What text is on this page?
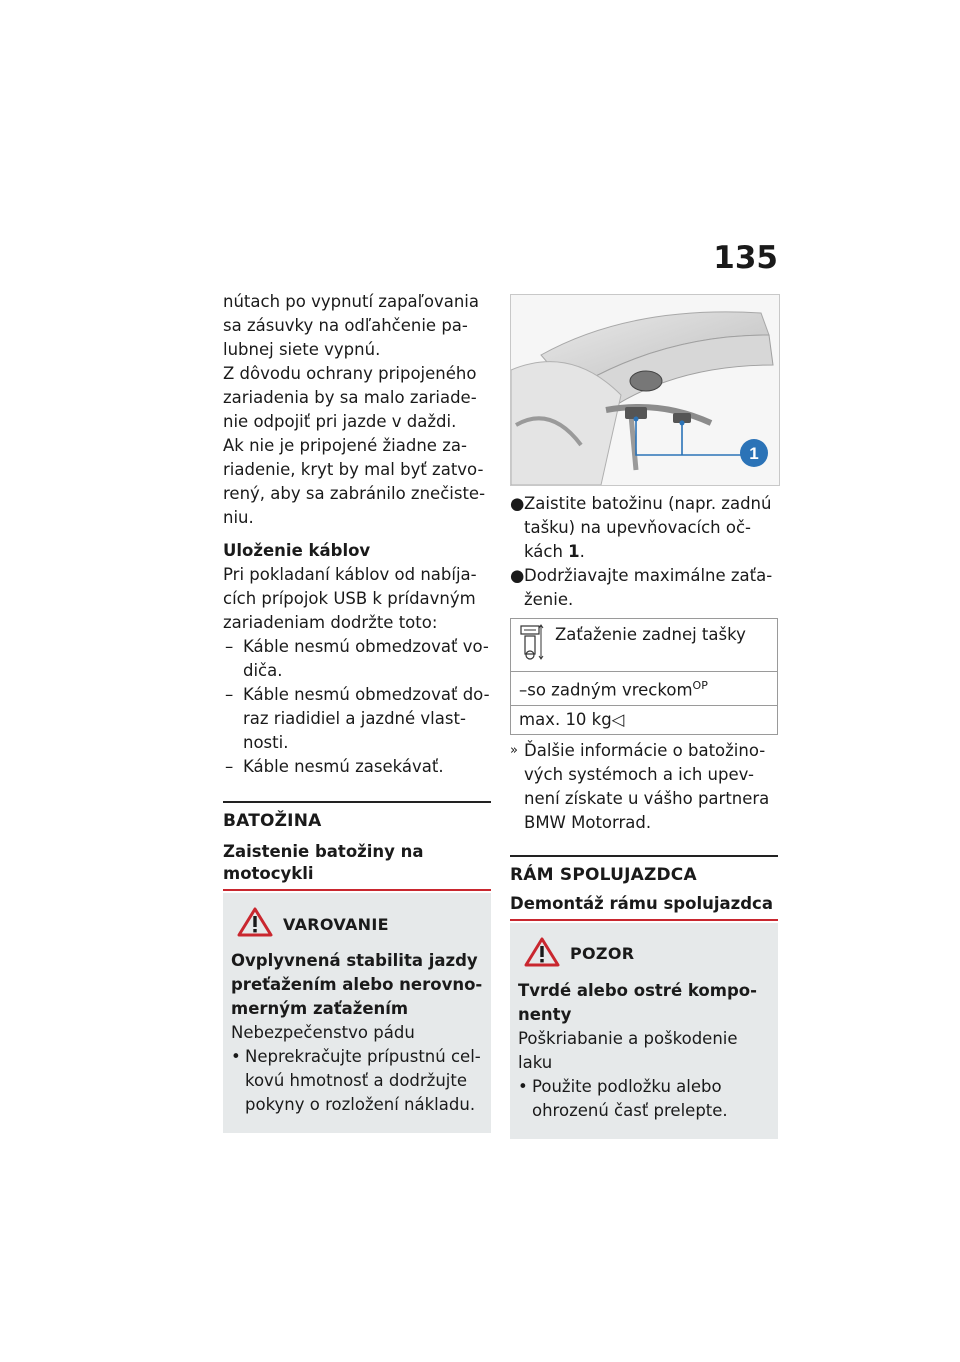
135
nútach po vypnutí zapaľovania
sa zásuvky na odľahčenie pa-
lubnej siete vypnú.
Z dôvodu ochrany pripojeného
zariadenia by sa malo zariade-
nie odpojiť pri jazde v daždi.
Ak nie je pripojené žiadne za-
riadenie, kryt by mal byť zatvo-
rený, aby sa zabránilo znečiste-
niu.
Uloženie káblov
Pri pokladaní káblov od nabíja-
cích prípojok USB k prídavným
zariadeniam dodržte toto:
– Káble nesmú obmedzovať vo-
diča.
– Káble nesmú obmedzovať do-
raz riadidiel a jazdné vlast-
nosti.
– Káble nesmú zasekávať.
BATOŽINA
Zaistenie batožiny na
motocykli
VAROVANIE
Ovplyvnená stabilita jazdy
preťažením alebo nerovno-
merným zaťažením
Nebezpečenstvo pádu
• Neprekračujte prípustnú cel-
kovú hmotnosť a dodržujte
pokyny o rozložení nákladu.
1
● Zaistite batožinu (napr. zadnú
tašku) na upevňovacích oč-
kách 1.
● Dodržiavajte maximálne zaťa-
ženie.
Zaťaženie zadnej tašky

–so zadným vreckom$^{OP}$
max. 10 kg◁
» Ďalšie informácie o batožino-
vých systémoch a ich upev-
není získate u vášho partnera
BMW Motorrad.
RÁM SPOLUJAZDCA
Demontáž rámu spolujazdca
POZOR
Tvrdé alebo ostré kompo-
nenty
Poškriabanie a poškodenie
laku
• Použite podložku alebo
ohrozenú časť prelepte.
